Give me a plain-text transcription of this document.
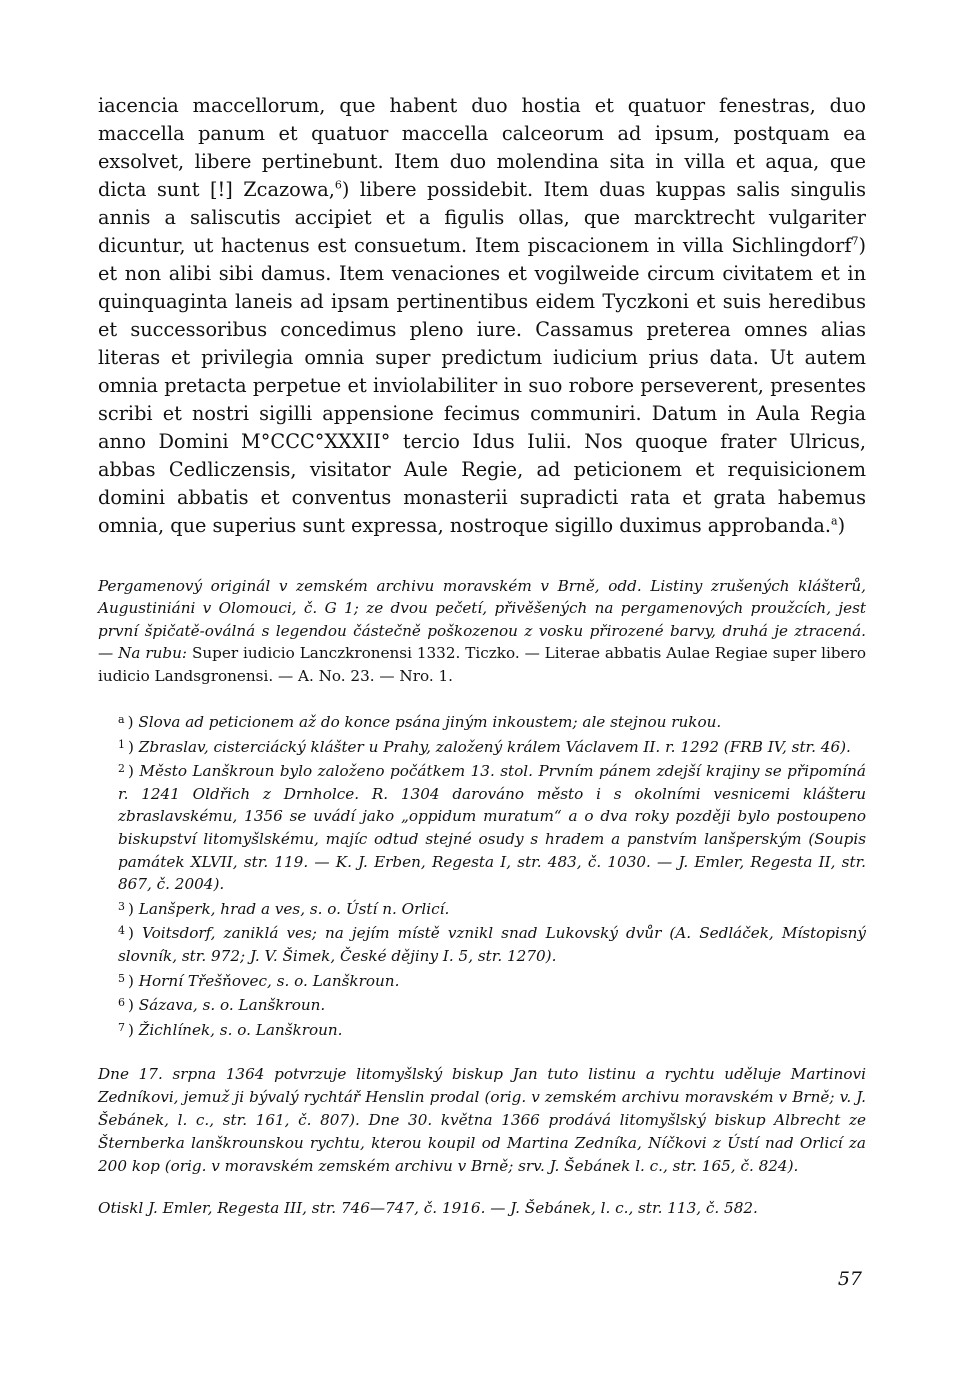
iacencia maccellorum, que habent duo hostia et quatuor fenestras, duo maccella panum et quatuor maccella calceorum ad ipsum, postquam ea exsolvet, libere pertinebunt. Item duo molendina sita in villa et aqua, que dicta sunt [!] Zcazowa,$^6$) libere possidebit. Item duas kuppas salis singulis annis a saliscutis accipiet et a figulis ollas, que marcktrecht vulgariter dicuntur, ut hactenus est consuetum. Item piscacionem in villa Sichlingdorf$^7$) et non alibi sibi damus. Item venaciones et vogilweide circum civitatem et in quinquaginta laneis ad ipsam pertinentibus eidem Tyczkoni et suis heredibus et successoribus concedimus pleno iure. Cassamus preterea omnes alias literas et privilegia omnia super predictum iudicium prius data. Ut autem omnia pretacta perpetue et inviolabiliter in suo robore perseverent, presentes scribi et nostri sigilli appensione fecimus communiri. Datum in Aula Regia anno Domini M°CCC°XXXII° tercio Idus Iulii. Nos quoque frater Ulricus, abbas Cedliczensis, visitator Aule Regie, ad peticionem et requisicionem domini abbatis et conventus monasterii supradicti rata et grata habemus omnia, que superius sunt expressa, nostroque sigillo duximus approbanda.$^a$)

Pergamenový originál v zemském archivu moravském v Brně, odd. Listiny zrušených klášterů, Augustiniáni v Olomouci, č. G 1; ze dvou pečetí, přivěšených na pergamenových proužcích, jest první špičatě-oválná s legendou částečně poškozenou z vosku přirozené barvy, druhá je ztracená. — Na rubu: Super iudicio Lanczkronensi 1332. Ticzko. — Literae abbatis Aulae Regiae super libero iudicio Landsgronensi. — A. No. 23. — Nro. 1.

$^a$ ) Slova ad peticionem až do konce psána jiným inkoustem; ale stejnou rukou.

$^1$ ) Zbraslav, cisterciácký klášter u Prahy, založený králem Václavem II. r. 1292 (FRB IV, str. 46).

$^2$ ) Město Lanškroun bylo založeno počátkem 13. stol. Prvním pánem zdejší krajiny se připomíná r. 1241 Oldřich z Drnholce. R. 1304 darováno město i s okolními vesnicemi klášteru zbraslavskému, 1356 se uvádí jako „oppidum muratum“ a o dva roky později bylo postoupeno biskupství litomyšlskému, majíc odtud stejné osudy s hradem a panstvím lanšperským (Soupis památek XLVII, str. 119. — K. J. Erben, Regesta I, str. 483, č. 1030. — J. Emler, Regesta II, str. 867, č. 2004).

$^3$ ) Lanšperk, hrad a ves, s. o. Ústí n. Orlicí.

$^4$ ) Voitsdorf, zaniklá ves; na jejím místě vznikl snad Lukovský dvůr (A. Sedláček, Místopisný slovník, str. 972; J. V. Šimek, České dějiny I. 5, str. 1270).

$^5$ ) Horní Třešňovec, s. o. Lanškroun.

$^6$ ) Sázava, s. o. Lanškroun.

$^7$ ) Žichlínek, s. o. Lanškroun.

Dne 17. srpna 1364 potvrzuje litomyšlský biskup Jan tuto listinu a rychtu uděluje Martinovi Zedníkovi, jemuž ji bývalý rychtář Henslin prodal (orig. v zemském archivu moravském v Brně; v. J. Šebánek, l. c., str. 161, č. 807). Dne 30. května 1366 prodává litomyšlský biskup Albrecht ze Šternberka lanškrounskou rychtu, kterou koupil od Martina Zedníka, Níčkovi z Ústí nad Orlicí za 200 kop (orig. v moravském zemském archivu v Brně; srv. J. Šebánek l. c., str. 165, č. 824).

Otiskl J. Emler, Regesta III, str. 746—747, č. 1916. — J. Šebánek, l. c., str. 113, č. 582.

57
